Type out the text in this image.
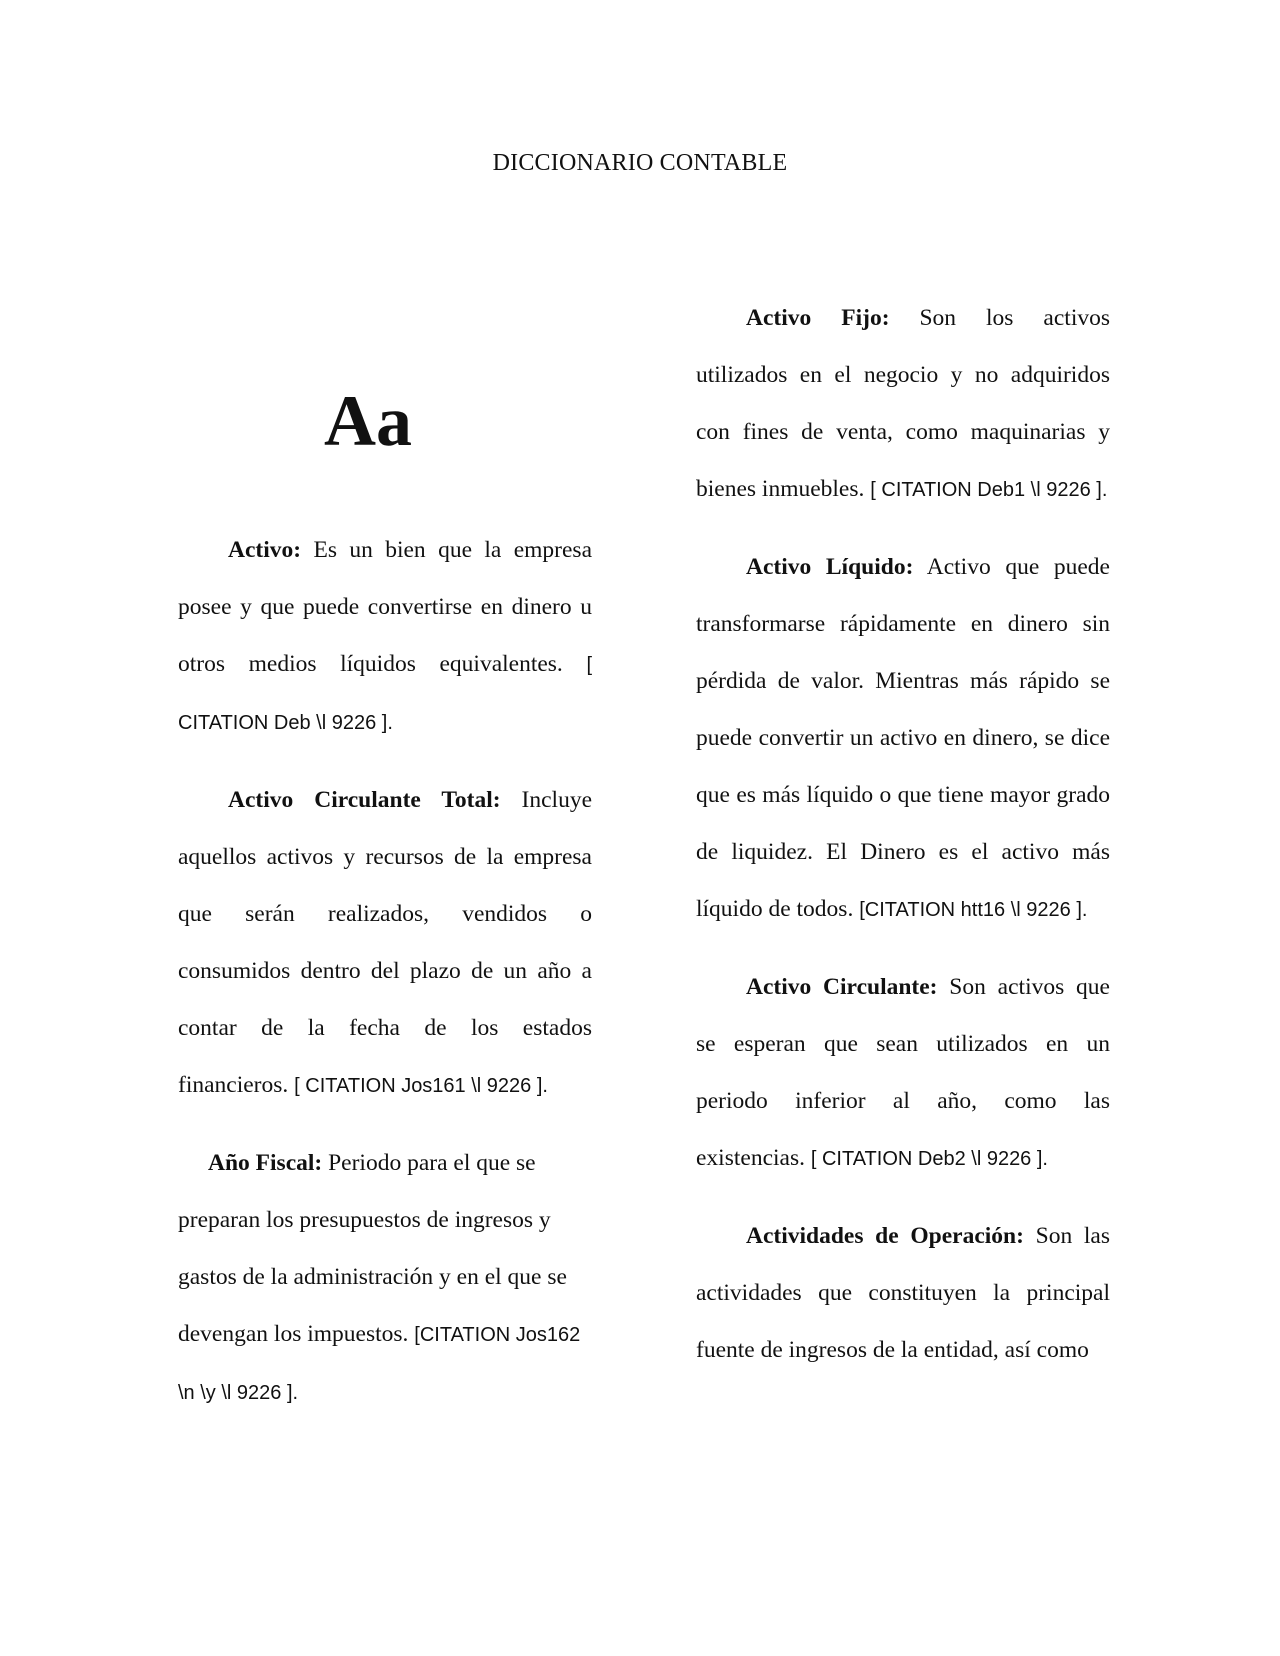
DICCIONARIO CONTABLE
Aa

Activo: Es un bien que la empresa posee y que puede convertirse en dinero u otros medios líquidos equivalentes. [ CITATION Deb \l 9226 ].

Activo Circulante Total: Incluye aquellos activos y recursos de la empresa que serán realizados, vendidos o consumidos dentro del plazo de un año a contar de la fecha de los estados financieros. [ CITATION Jos161 \l 9226 ].

Año Fiscal: Periodo para el que se preparan los presupuestos de ingresos y gastos de la administración y en el que se devengan los impuestos. [CITATION Jos162 \n \y \l 9226 ].

Activo Fijo: Son los activos utilizados en el negocio y no adquiridos con fines de venta, como maquinarias y bienes inmuebles. [ CITATION Deb1 \l 9226 ].

Activo Líquido: Activo que puede transformarse rápidamente en dinero sin pérdida de valor. Mientras más rápido se puede convertir un activo en dinero, se dice que es más líquido o que tiene mayor grado de liquidez. El Dinero es el activo más líquido de todos. [CITATION htt16 \l 9226 ].

Activo Circulante: Son activos que se esperan que sean utilizados en un periodo inferior al año, como las existencias. [ CITATION Deb2 \l 9226 ].

Actividades de Operación: Son las actividades que constituyen la principal fuente de ingresos de la entidad, así como
